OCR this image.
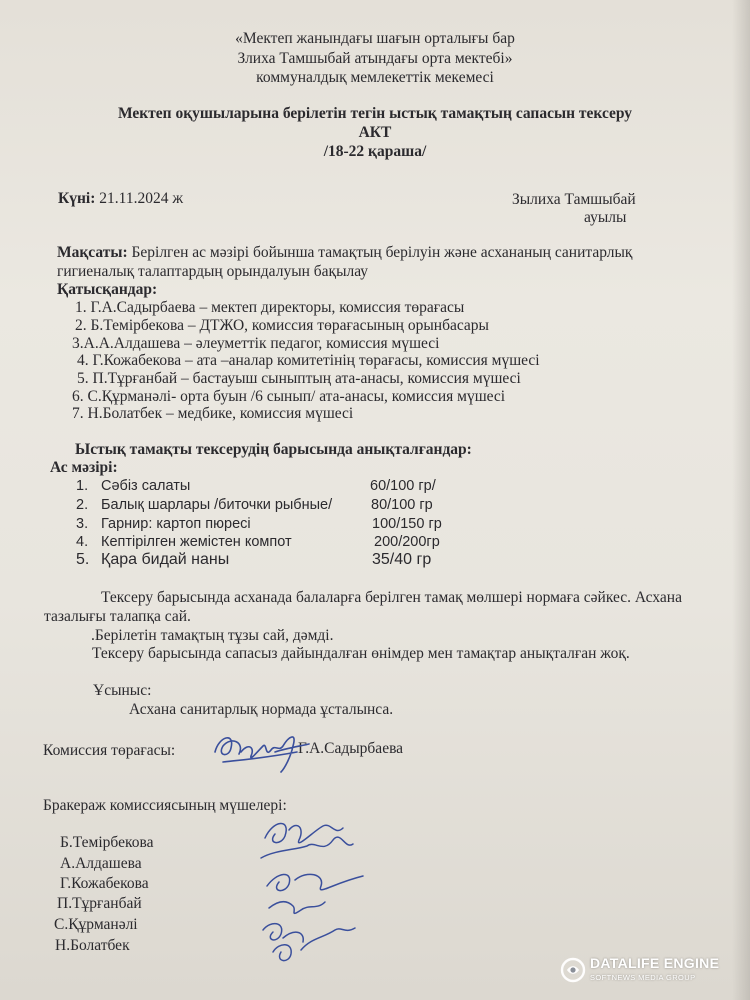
«Мектеп жанындағы шағын орталығы бар
Злиха Тамшыбай атындағы орта мектебі»
коммуналдық мемлекеттік мекемесі
Мектеп оқушыларына берілетін тегін ыстық тамақтың сапасын тексеру
АКТ
/18-22 қараша/
Күні: 21.11.2024 ж	Зылиха Тамшыбай
ауылы
Мақсаты: Берілген ас мәзірі бойынша тамақтың берілуін және асхананың санитарлық
гигиеналық талаптардың орындалуын бақылау
Қатысқандар:
1. Г.А.Садырбаева – мектеп директоры, комиссия төрағасы
2. Б.Темірбекова – ДТЖО, комиссия төрағасының орынбасары
3.А.А.Алдашева – әлеуметтік педагог, комиссия мүшесі
4. Г.Кожабекова – ата –аналар комитетінің төрағасы, комиссия мүшесі
5. П.Тұрғанбай – бастауыш сыныптың ата-анасы, комиссия мүшесі
6. С.Құрманәлі- орта буын /6 сынып/ ата-анасы, комиссия мүшесі
7. Н.Болатбек – медбике, комиссия мүшесі
Ыстық тамақты тексерудің барысында анықталғандар:
Ас мәзірі:
1. Сәбіз салаты	60/100 гр/
2. Балық шарлары /биточки рыбные/	80/100 гр
3. Гарнир: картоп пюресі	100/150 гр
4. Кептірілген жемістен компот	200/200гр
5. Қара бидай наны	35/40 гр
Тексеру барысында асханада балаларға берілген тамақ мөлшері нормаға сәйкес. Асхана
тазалығы талапқа сай.
.Берілетін тамақтың тұзы сай, дәмді.
Тексеру барысында сапасыз дайындалған өнімдер мен тамақтар анықталған жоқ.
Ұсыныс:
Асхана санитарлық нормада ұсталынса.
Комиссия төрағасы:	Г.А.Садырбаева
Бракераж комиссиясының мүшелері:
Б.Темірбекова
А.Алдашева
Г.Кожабекова
П.Тұрғанбай
С.Құрманәлі
Н.Болатбек
DATALIFE ENGINE
SOFTNEWS MEDIA GROUP
